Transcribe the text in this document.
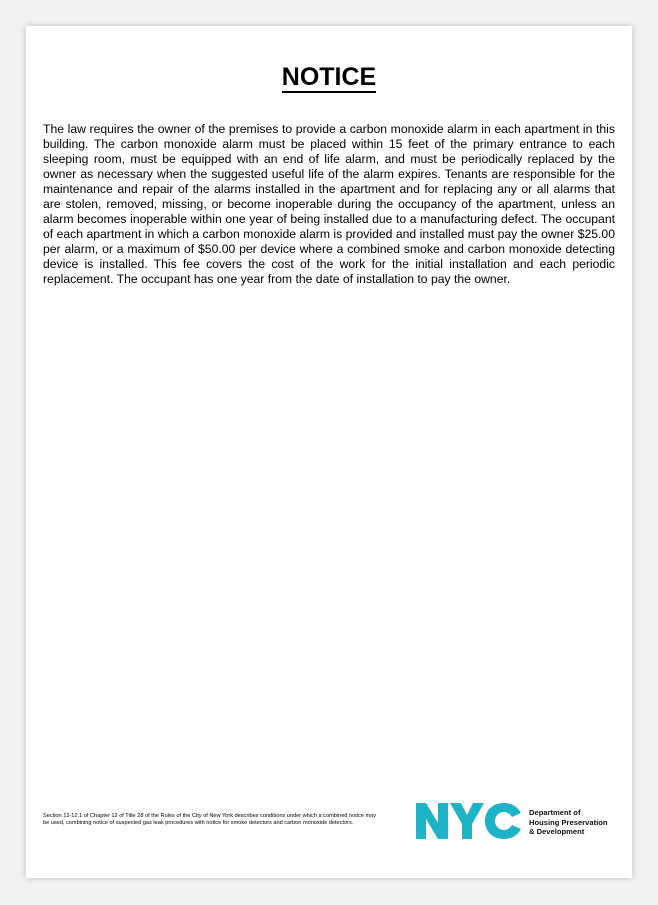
NOTICE

The law requires the owner of the premises to provide a carbon monoxide alarm in each apartment in this building. The carbon monoxide alarm must be placed within 15 feet of the primary entrance to each sleeping room, must be equipped with an end of life alarm, and must be periodically replaced by the owner as necessary when the suggested useful life of the alarm expires. Tenants are responsible for the maintenance and repair of the alarms installed in the apartment and for replacing any or all alarms that are stolen, removed, missing, or become inoperable during the occupancy of the apartment, unless an alarm becomes inoperable within one year of being installed due to a manufacturing defect. The occupant of each apartment in which a carbon monoxide alarm is provided and installed must pay the owner $25.00 per alarm, or a maximum of $50.00 per device where a combined smoke and carbon monoxide detecting device is installed. This fee covers the cost of the work for the initial installation and each periodic replacement. The occupant has one year from the date of installation to pay the owner.

Section 12-12.1 of Chapter 12 of Title 28 of the Rules of the City of New York describes conditions under which a combined notice may be used, combining notice of suspected gas leak procedures with notice for smoke detectors and carbon monoxide detectors.

Department of
Housing Preservation
& Development
